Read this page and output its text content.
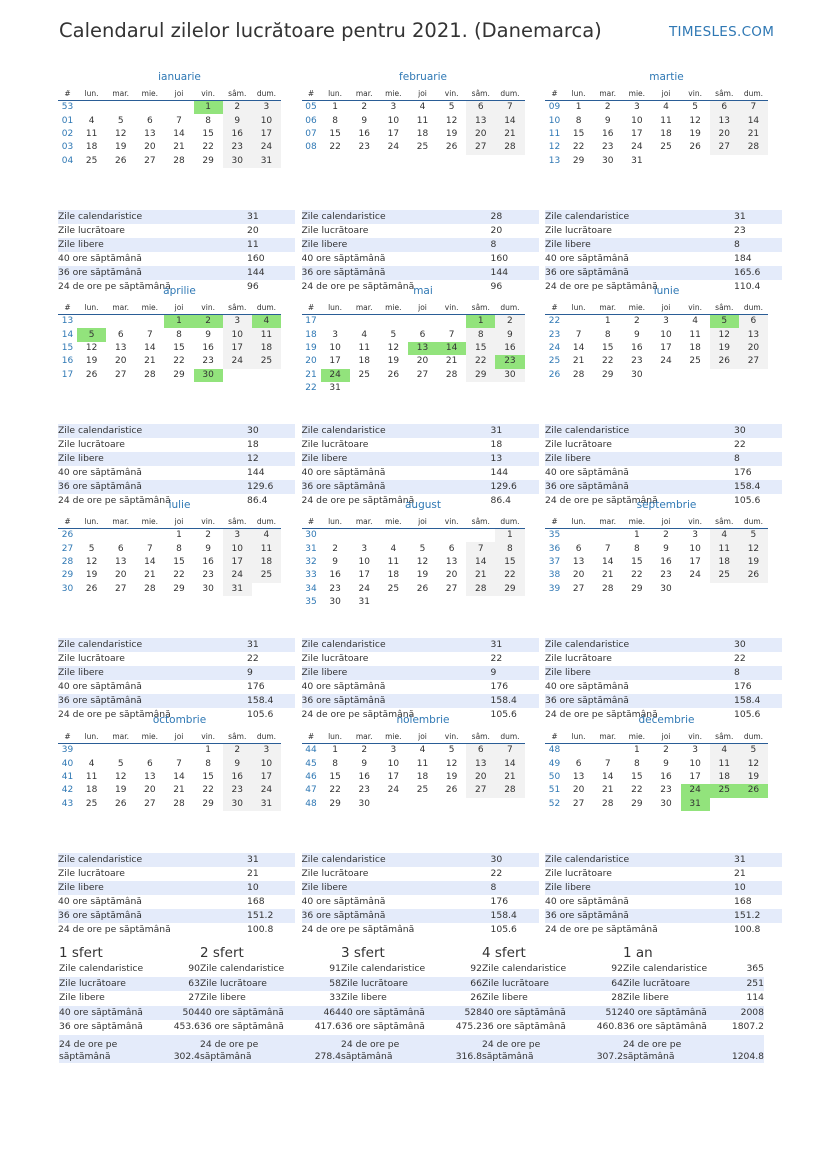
Calendarul zilelor lucrătoare pentru 2021. (Danemarca)	TIMESLES.COM
ianuarie
#	lun.	mar.	mie.	joi	vin.	sâm.	dum.
53					1	2	3
01	4	5	6	7	8	9	10
02	11	12	13	14	15	16	17
03	18	19	20	21	22	23	24
04	25	26	27	28	29	30	31
Zile calendaristice	31
Zile lucrătoare	20
Zile libere	11
40 ore săptămână	160
36 ore săptămână	144
24 de ore pe săptămână	96
februarie
#	lun.	mar.	mie.	joi	vin.	sâm.	dum.
05	1	2	3	4	5	6	7
06	8	9	10	11	12	13	14
07	15	16	17	18	19	20	21
08	22	23	24	25	26	27	28
Zile calendaristice	28
Zile lucrătoare	20
Zile libere	8
40 ore săptămână	160
36 ore săptămână	144
24 de ore pe săptămână	96
martie
#	lun.	mar.	mie.	joi	vin.	sâm.	dum.
09	1	2	3	4	5	6	7
10	8	9	10	11	12	13	14
11	15	16	17	18	19	20	21
12	22	23	24	25	26	27	28
13	29	30	31				
Zile calendaristice	31
Zile lucrătoare	23
Zile libere	8
40 ore săptămână	184
36 ore săptămână	165.6
24 de ore pe săptămână	110.4
aprilie
#	lun.	mar.	mie.	joi	vin.	sâm.	dum.
13				1	2	3	4
14	5	6	7	8	9	10	11
15	12	13	14	15	16	17	18
16	19	20	21	22	23	24	25
17	26	27	28	29	30		
Zile calendaristice	30
Zile lucrătoare	18
Zile libere	12
40 ore săptămână	144
36 ore săptămână	129.6
24 de ore pe săptămână	86.4
mai
#	lun.	mar.	mie.	joi	vin.	sâm.	dum.
17						1	2
18	3	4	5	6	7	8	9
19	10	11	12	13	14	15	16
20	17	18	19	20	21	22	23
21	24	25	26	27	28	29	30
22	31						
Zile calendaristice	31
Zile lucrătoare	18
Zile libere	13
40 ore săptămână	144
36 ore săptămână	129.6
24 de ore pe săptămână	86.4
iunie
#	lun.	mar.	mie.	joi	vin.	sâm.	dum.
22		1	2	3	4	5	6
23	7	8	9	10	11	12	13
24	14	15	16	17	18	19	20
25	21	22	23	24	25	26	27
26	28	29	30				
Zile calendaristice	30
Zile lucrătoare	22
Zile libere	8
40 ore săptămână	176
36 ore săptămână	158.4
24 de ore pe săptămână	105.6
iulie
#	lun.	mar.	mie.	joi	vin.	sâm.	dum.
26				1	2	3	4
27	5	6	7	8	9	10	11
28	12	13	14	15	16	17	18
29	19	20	21	22	23	24	25
30	26	27	28	29	30	31	
Zile calendaristice	31
Zile lucrătoare	22
Zile libere	9
40 ore săptămână	176
36 ore săptămână	158.4
24 de ore pe săptămână	105.6
august
#	lun.	mar.	mie.	joi	vin.	sâm.	dum.
30							1
31	2	3	4	5	6	7	8
32	9	10	11	12	13	14	15
33	16	17	18	19	20	21	22
34	23	24	25	26	27	28	29
35	30	31					
Zile calendaristice	31
Zile lucrătoare	22
Zile libere	9
40 ore săptămână	176
36 ore săptămână	158.4
24 de ore pe săptămână	105.6
septembrie
#	lun.	mar.	mie.	joi	vin.	sâm.	dum.
35			1	2	3	4	5
36	6	7	8	9	10	11	12
37	13	14	15	16	17	18	19
38	20	21	22	23	24	25	26
39	27	28	29	30			
Zile calendaristice	30
Zile lucrătoare	22
Zile libere	8
40 ore săptămână	176
36 ore săptămână	158.4
24 de ore pe săptămână	105.6
octombrie
#	lun.	mar.	mie.	joi	vin.	sâm.	dum.
39					1	2	3
40	4	5	6	7	8	9	10
41	11	12	13	14	15	16	17
42	18	19	20	21	22	23	24
43	25	26	27	28	29	30	31
Zile calendaristice	31
Zile lucrătoare	21
Zile libere	10
40 ore săptămână	168
36 ore săptămână	151.2
24 de ore pe săptămână	100.8
noiembrie
#	lun.	mar.	mie.	joi	vin.	sâm.	dum.
44	1	2	3	4	5	6	7
45	8	9	10	11	12	13	14
46	15	16	17	18	19	20	21
47	22	23	24	25	26	27	28
48	29	30					
Zile calendaristice	30
Zile lucrătoare	22
Zile libere	8
40 ore săptămână	176
36 ore săptămână	158.4
24 de ore pe săptămână	105.6
decembrie
#	lun.	mar.	mie.	joi	vin.	sâm.	dum.
48			1	2	3	4	5
49	6	7	8	9	10	11	12
50	13	14	15	16	17	18	19
51	20	21	22	23	24	25	26
52	27	28	29	30	31		
Zile calendaristice	31
Zile lucrătoare	21
Zile libere	10
40 ore săptămână	168
36 ore săptămână	151.2
24 de ore pe săptămână	100.8
1 sfert
Zile calendaristice	90
Zile lucrătoare	63
Zile libere	27
40 ore săptămână	504
36 ore săptămână	453.6
24 de ore pe săptămână	302.4
2 sfert
Zile calendaristice	91
Zile lucrătoare	58
Zile libere	33
40 ore săptămână	464
36 ore săptămână	417.6
24 de ore pe săptămână	278.4
3 sfert
Zile calendaristice	92
Zile lucrătoare	66
Zile libere	26
40 ore săptămână	528
36 ore săptămână	475.2
24 de ore pe săptămână	316.8
4 sfert
Zile calendaristice	92
Zile lucrătoare	64
Zile libere	28
40 ore săptămână	512
36 ore săptămână	460.8
24 de ore pe săptămână	307.2
1 an
Zile calendaristice	365
Zile lucrătoare	251
Zile libere	114
40 ore săptămână	2008
36 ore săptămână	1807.2
24 de ore pe săptămână	1204.8
